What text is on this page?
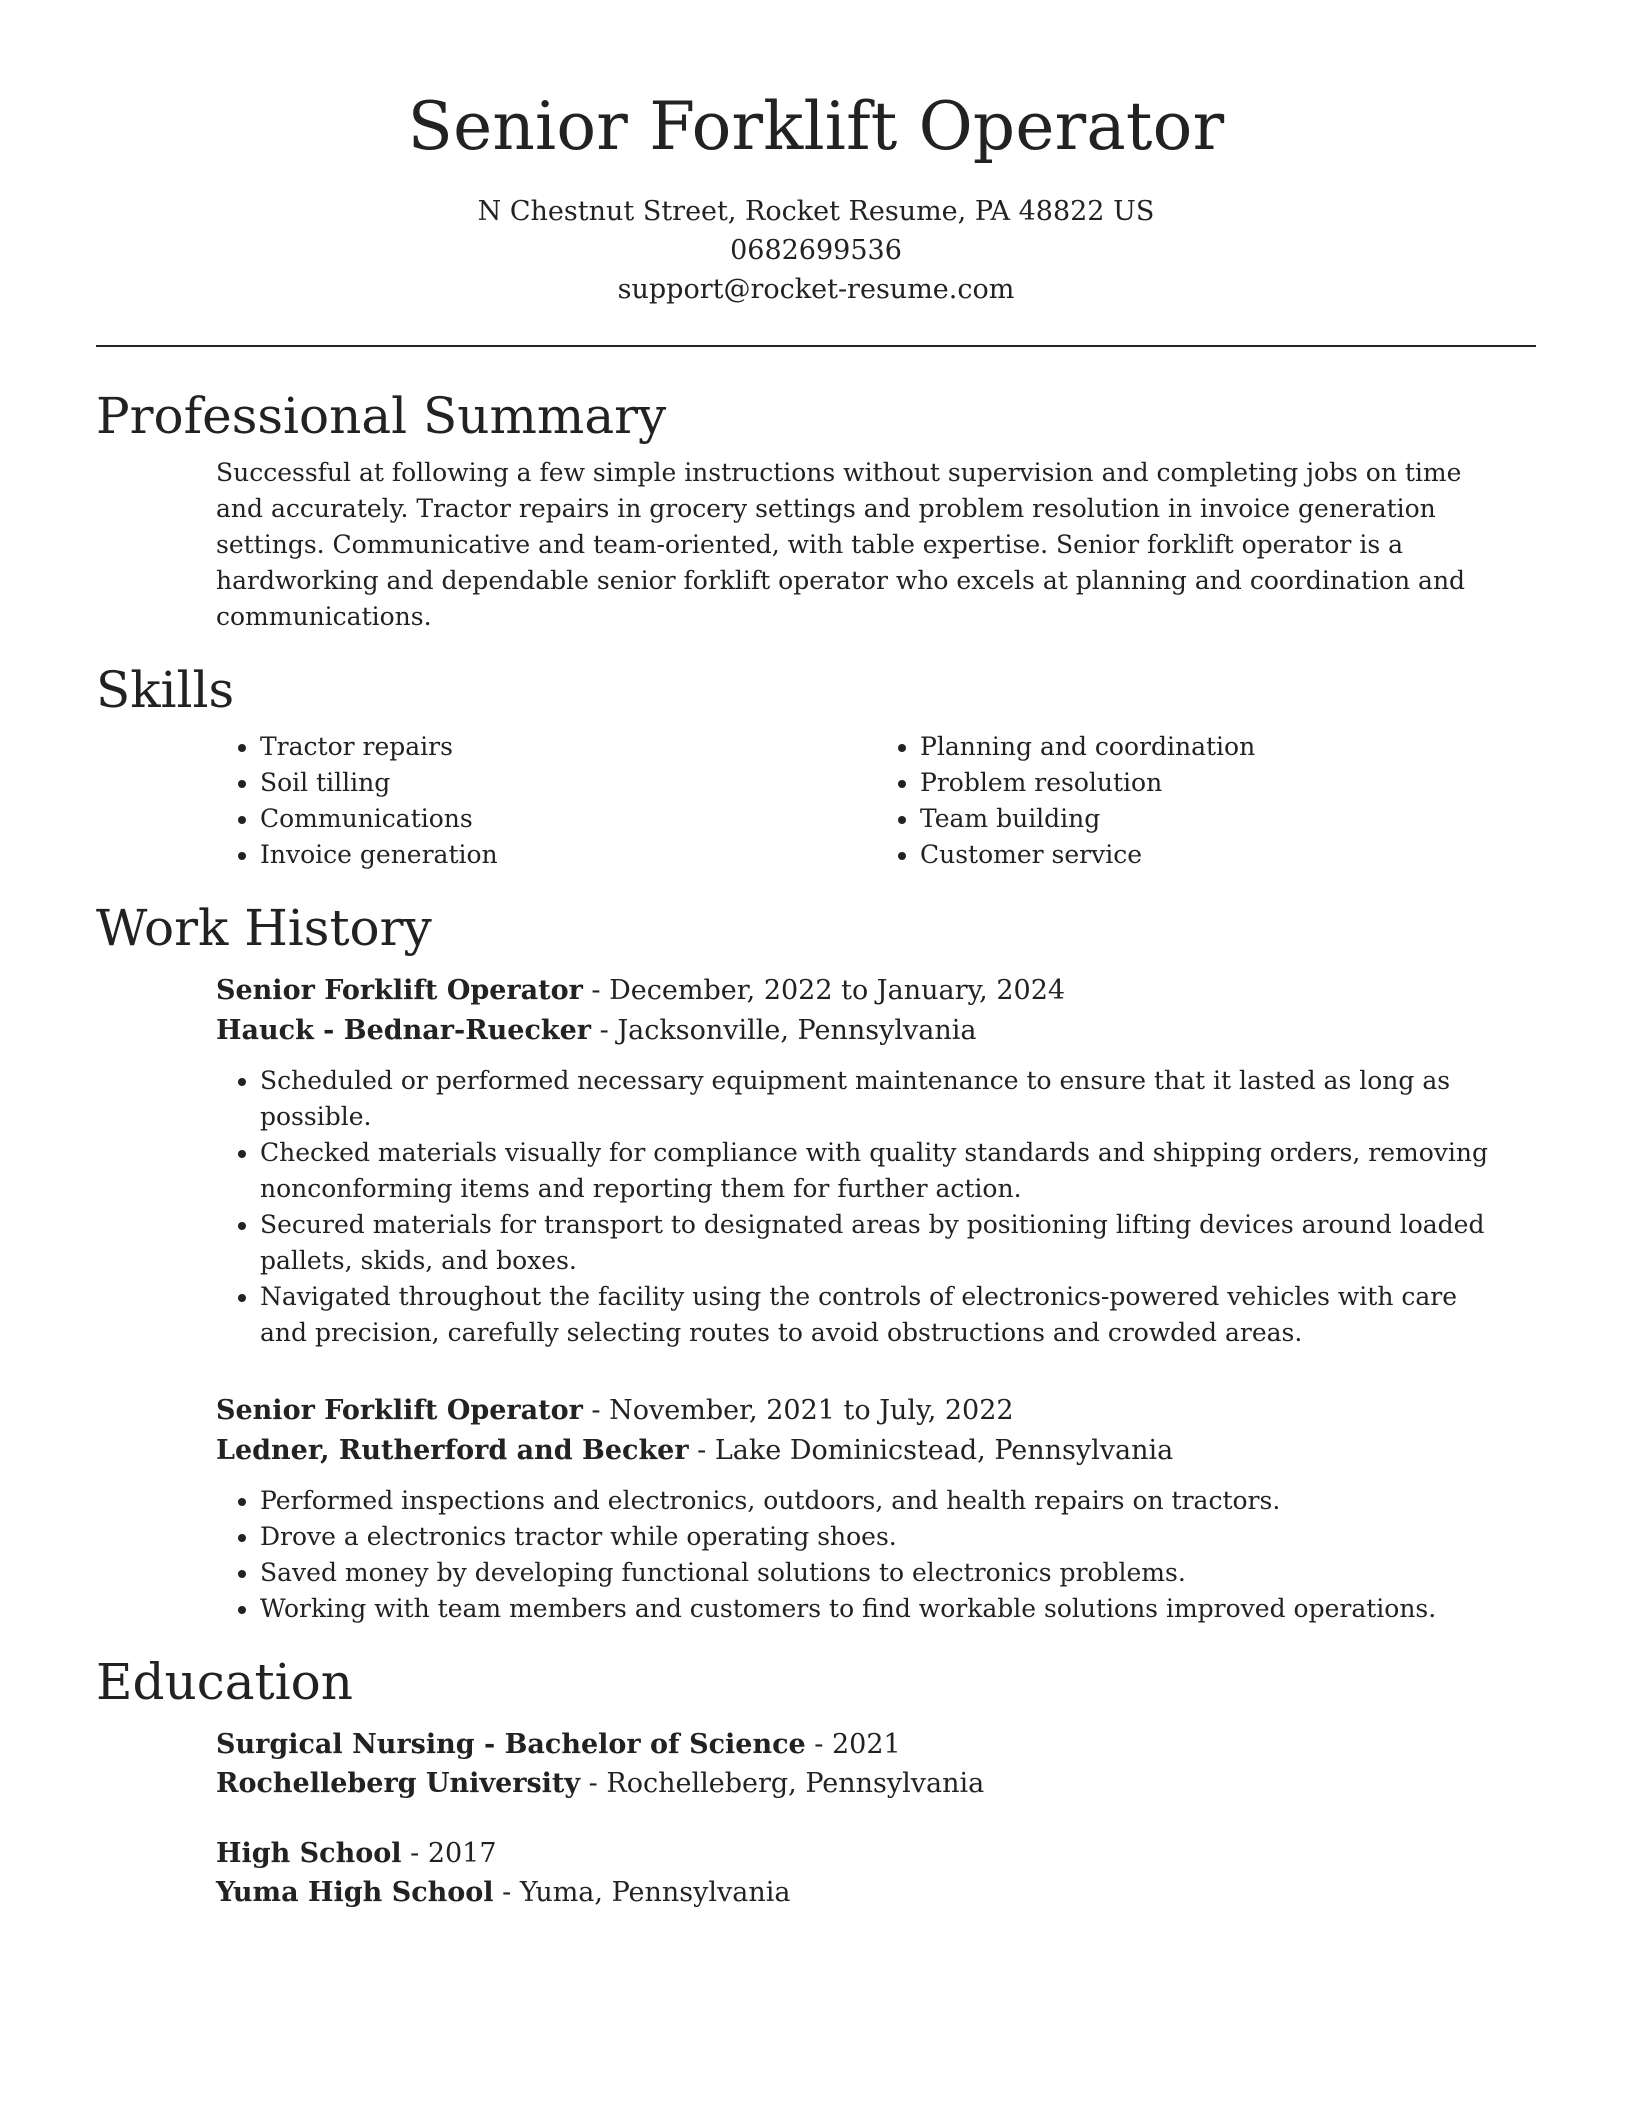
Senior Forklift Operator
N Chestnut Street, Rocket Resume, PA 48822 US
0682699536
support@rocket-resume.com
Professional Summary

Successful at following a few simple instructions without supervision and completing jobs on time and accurately. Tractor repairs in grocery settings and problem resolution in invoice generation settings. Communicative and team-oriented, with table expertise. Senior forklift operator is a hardworking and dependable senior forklift operator who excels at planning and coordination and communications.

Skills
• Tractor repairs
• Soil tilling
• Communications
• Invoice generation
• Planning and coordination
• Problem resolution
• Team building
• Customer service
Work History
Senior Forklift Operator - December, 2022 to January, 2024
Hauck - Bednar-Ruecker - Jacksonville, Pennsylvania
• Scheduled or performed necessary equipment maintenance to ensure that it lasted as long as possible.
• Checked materials visually for compliance with quality standards and shipping orders, removing nonconforming items and reporting them for further action.
• Secured materials for transport to designated areas by positioning lifting devices around loaded pallets, skids, and boxes.
• Navigated throughout the facility using the controls of electronics-powered vehicles with care and precision, carefully selecting routes to avoid obstructions and crowded areas.
Senior Forklift Operator - November, 2021 to July, 2022
Ledner, Rutherford and Becker - Lake Dominicstead, Pennsylvania
• Performed inspections and electronics, outdoors, and health repairs on tractors.
• Drove a electronics tractor while operating shoes.
• Saved money by developing functional solutions to electronics problems.
• Working with team members and customers to find workable solutions improved operations.
Education
Surgical Nursing - Bachelor of Science - 2021
Rochelleberg University - Rochelleberg, Pennsylvania
High School - 2017
Yuma High School - Yuma, Pennsylvania
